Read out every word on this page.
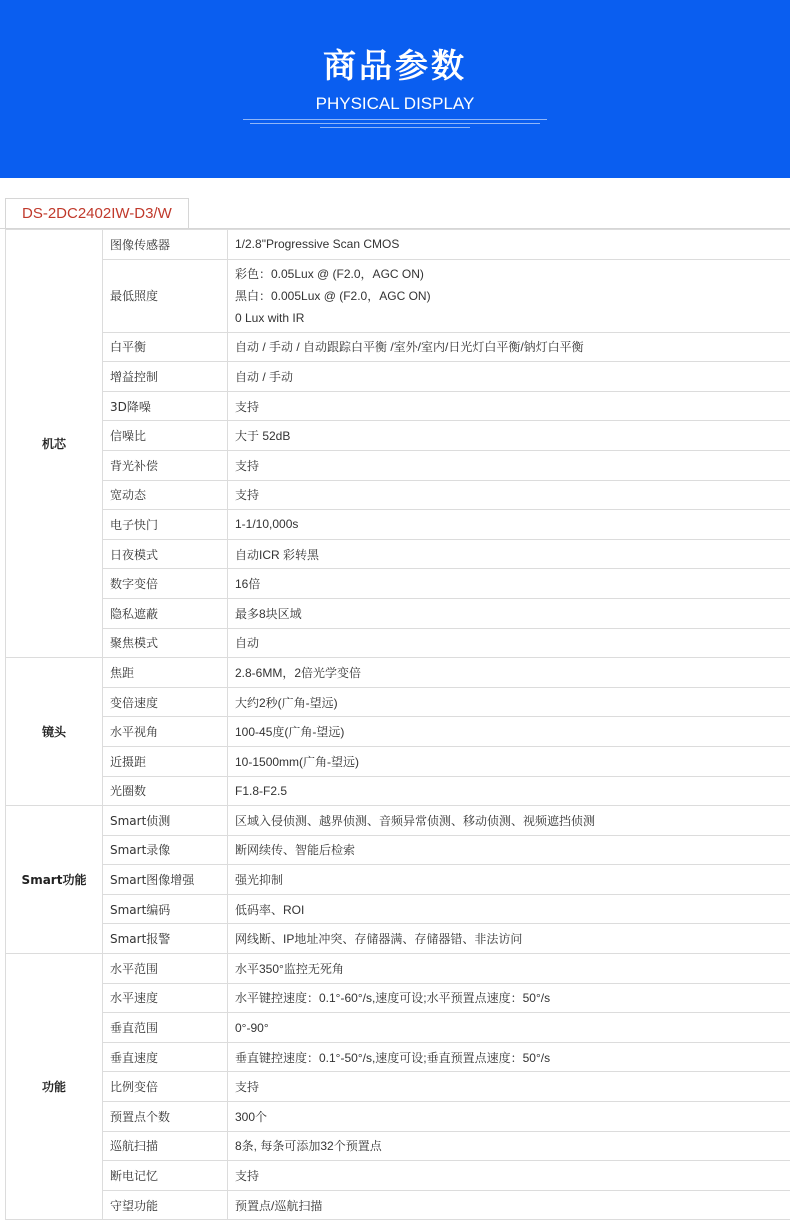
商品参数
PHYSICAL DISPLAY
DS-2DC2402IW-D3/W
机芯	图像传感器	1/2.8"Progressive Scan CMOS
	最低照度	彩色：0.05Lux @ (F2.0，AGC ON)
黑白：0.005Lux @ (F2.0，AGC ON)
0 Lux with IR

	白平衡	自动 / 手动 / 自动跟踪白平衡 /室外/室内/日光灯白平衡/钠灯白平衡
	增益控制	自动 / 手动
	3D降噪	支持
	信噪比	大于 52dB
	背光补偿	支持
	宽动态	支持
	电子快门	1-1/10,000s
	日夜模式	自动ICR 彩转黑
	数字变倍	16倍
	隐私遮蔽	最多8块区域
	聚焦模式	自动
镜头	焦距	2.8-6MM，2倍光学变倍
	变倍速度	大约2秒(广角-望远)
	水平视角	100-45度(广角-望远)
	近摄距	10-1500mm(广角-望远)
	光圈数	F1.8-F2.5
Smart功能	Smart侦测	区域入侵侦测、越界侦测、音频异常侦测、移动侦测、视频遮挡侦测
	Smart录像	断网续传、智能后检索
	Smart图像增强	强光抑制
	Smart编码	低码率、ROI
	Smart报警	网线断、IP地址冲突、存储器满、存储器错、非法访问
功能	水平范围	水平350°监控无死角
	水平速度	水平键控速度：0.1°-60°/s,速度可设;水平预置点速度：50°/s
	垂直范围	0°-90°
	垂直速度	垂直键控速度：0.1°-50°/s,速度可设;垂直预置点速度：50°/s
	比例变倍	支持
	预置点个数	300个
	巡航扫描	8条, 每条可添加32个预置点
	断电记忆	支持
	守望功能	预置点/巡航扫描
